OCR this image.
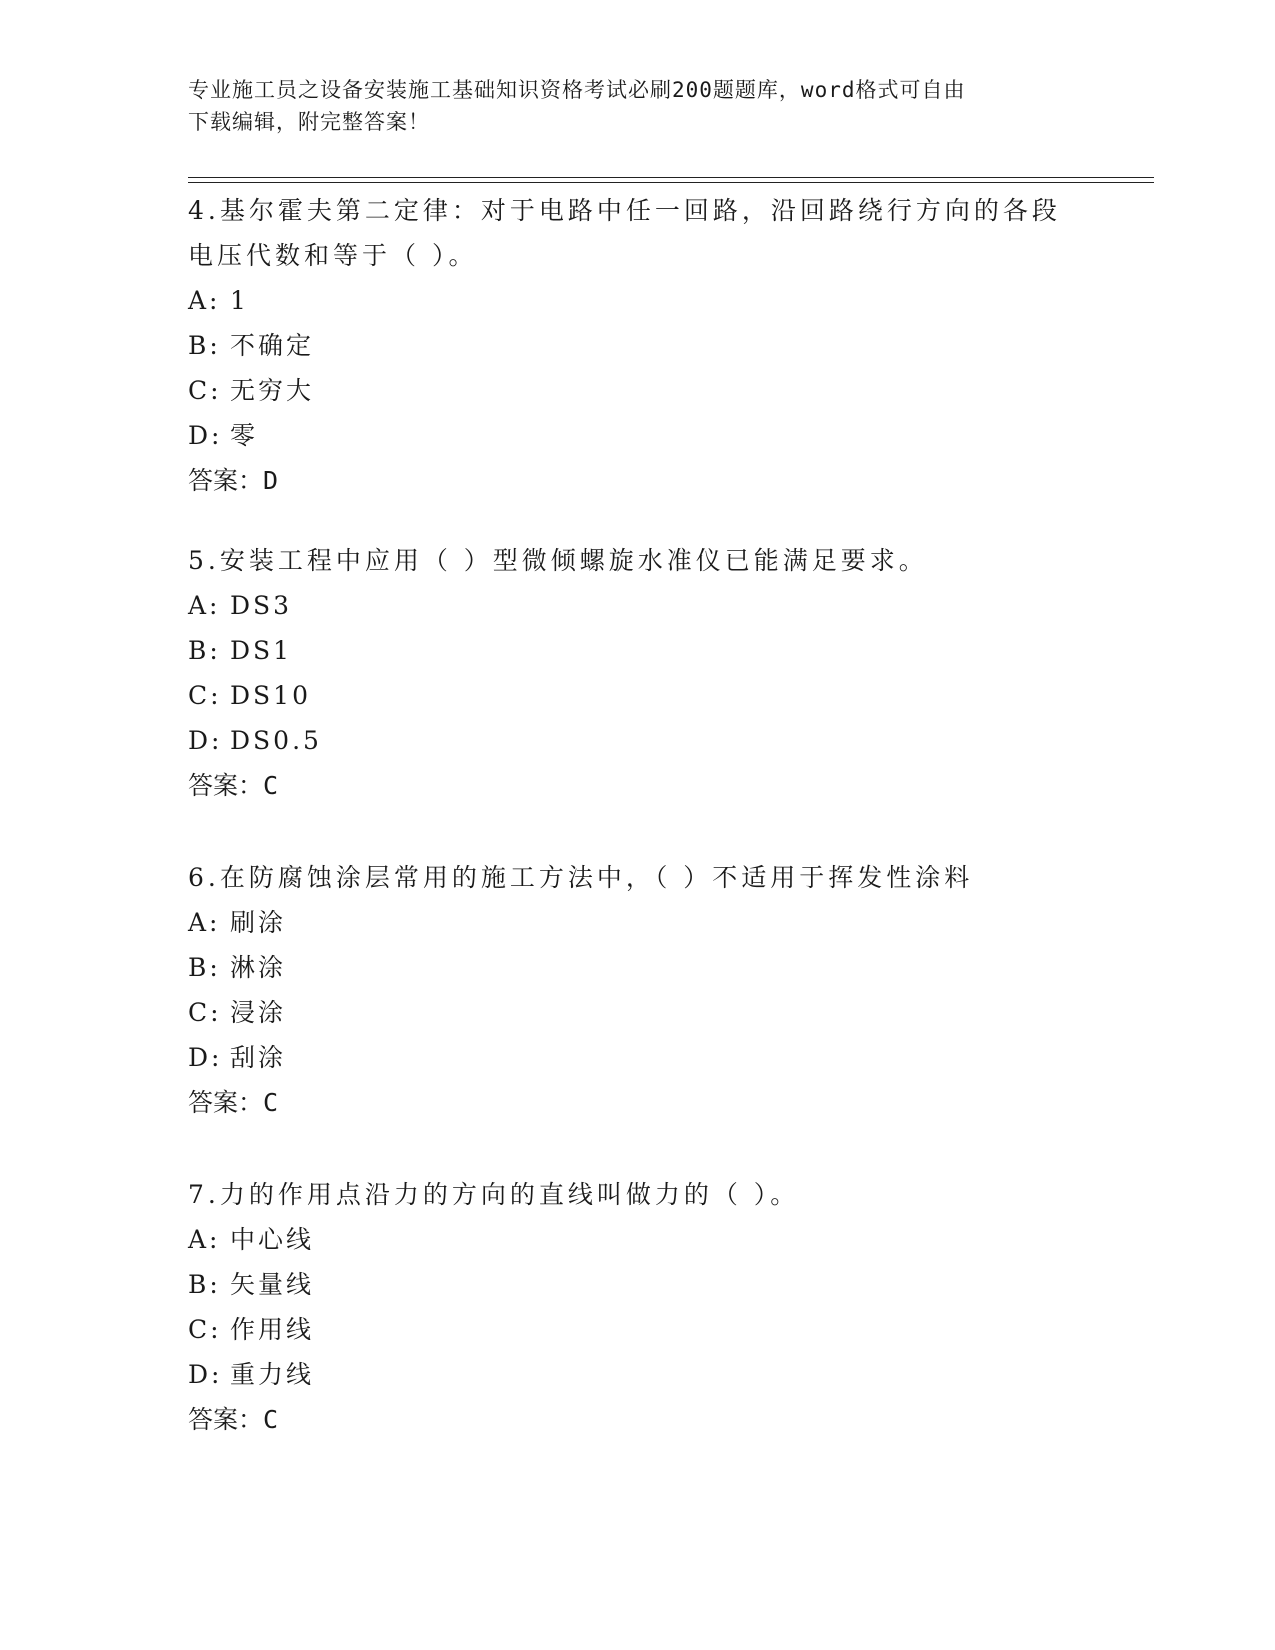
专业施工员之设备安装施工基础知识资格考试必刷200题题库，word格式可自由
下载编辑，附完整答案！

4.基尔霍夫第二定律：对于电路中任一回路，沿回路绕行方向的各段

电压代数和等于（ ）。

A: 1

B: 不确定

C: 无穷大

D: 零

答案：D

5.安装工程中应用（ ）型微倾螺旋水准仪已能满足要求。

A: DS3

B: DS1

C: DS10

D: DS0.5

答案：C

6.在防腐蚀涂层常用的施工方法中，（ ）不适用于挥发性涂料

A: 刷涂

B: 淋涂

C: 浸涂

D: 刮涂

答案：C

7.力的作用点沿力的方向的直线叫做力的（ ）。

A: 中心线

B: 矢量线

C: 作用线

D: 重力线

答案：C
